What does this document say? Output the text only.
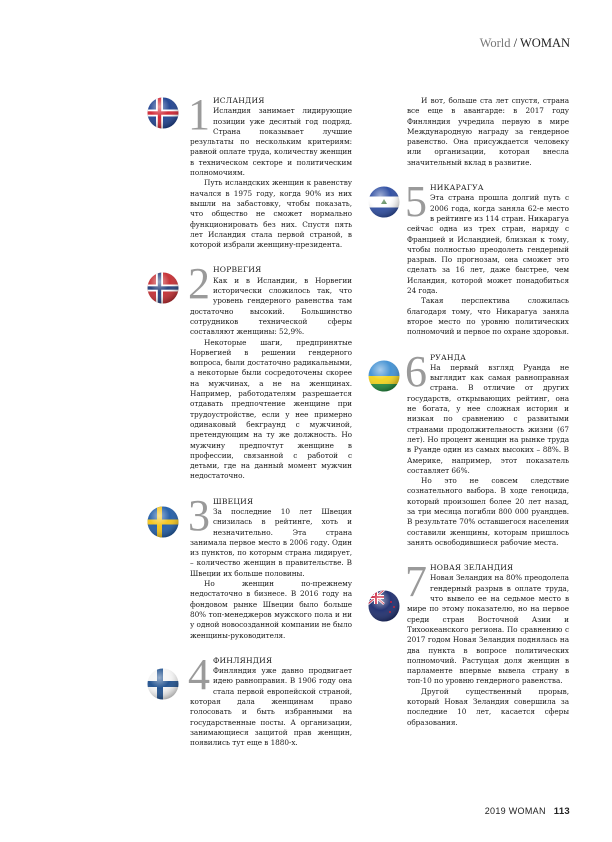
World / WOMAN
1 ИСЛАНДИЯ

Исландия занимает лидирующие позиции уже десятый год подряд. Страна показывает лучшие результаты по нескольким критериям: равной оплате труда, количеству женщин в техническом секторе и политическим полномочиям.

Путь исландских женщин к равенству начался в 1975 году, когда 90% из них вышли на забастовку, чтобы показать, что общество не сможет нормально функционировать без них. Спустя пять лет Исландия стала первой страной, в которой избрали женщину-президента.

2 НОРВЕГИЯ

Как и в Исландии, в Норвегии исторически сложилось так, что уровень гендерного равенства там достаточно высокий. Большинство сотрудников технической сферы составляют женщины: 52,9%.

Некоторые шаги, предпринятые Норвегией в решении гендерного вопроса, были достаточно радикальными, а некоторые были сосредоточены скорее на мужчинах, а не на женщинах. Например, работодателям разрешается отдавать предпочтение женщине при трудоустройстве, если у нее примерно одинаковый бекграунд с мужчиной, претендующим на ту же должность. Но мужчину предпочтут женщине в профессии, связанной с работой с детьми, где на данный момент мужчин недостаточно.

3 ШВЕЦИЯ

За последние 10 лет Швеция снизилась в рейтинге, хоть и незначительно. Эта страна занимала первое место в 2006 году. Один из пунктов, по которым страна лидирует, – количество женщин в правительстве. В Швеции их больше половины.

Но женщин по-прежнему недостаточно в бизнесе. В 2016 году на фондовом рынке Швеции было больше 80% топ-менеджеров мужского пола и ни у одной новосозданной компании не было женщины-руководителя.

4 ФИНЛЯНДИЯ

Финляндия уже давно продвигает идею равноправия. В 1906 году она стала первой европейской страной, которая дала женщинам право голосовать и быть избранными на государственные посты. А организации, занимающиеся защитой прав женщин, появились тут еще в 1880-х.

И вот, больше ста лет спустя, страна все еще в авангарде: в 2017 году Финляндия учредила первую в мире Международную награду за гендерное равенство. Она присуждается человеку или организации, которая внесла значительный вклад в развитие.

5 НИКАРАГУА

Эта страна прошла долгий путь с 2006 года, когда заняла 62-е место в рейтинге из 114 стран. Никарагуа сейчас одна из трех стран, наряду с Францией и Исландией, близкая к тому, чтобы полностью преодолеть гендерный разрыв. По прогнозам, она сможет это сделать за 16 лет, даже быстрее, чем Исландия, которой может понадобиться 24 года.

Такая перспектива сложилась благодаря тому, что Никарагуа заняла второе место по уровню политических полномочий и первое по охране здоровья.

6 РУАНДА

На первый взгляд Руанда не выглядит как самая равноправная страна. В отличие от других государств, открывающих рейтинг, она не богата, у нее сложная история и низкая по сравнению с развитыми странами продолжительность жизни (67 лет). Но процент женщин на рынке труда в Руанде один из самых высоких – 88%. В Америке, например, этот показатель составляет 66%.

Но это не совсем следствие сознательного выбора. В ходе геноцида, который произошел более 20 лет назад, за три месяца погибли 800 000 руандцев. В результате 70% оставшегося населения составили женщины, которым пришлось занять освободившиеся рабочие места.

7 НОВАЯ ЗЕЛАНДИЯ

Новая Зеландия на 80% преодолела гендерный разрыв в оплате труда, что вывело ее на седьмое место в мире по этому показателю, но на первое среди стран Восточной Азии и Тихоокеанского региона. По сравнению с 2017 годом Новая Зеландия поднялась на два пункта в вопросе политических полномочий. Растущая доля женщин в парламенте впервые вывела страну в топ-10 по уровню гендерного равенства.

Другой существенный прорыв, который Новая Зеландия совершила за последние 10 лет, касается сферы образования.

2019 WOMAN 113
